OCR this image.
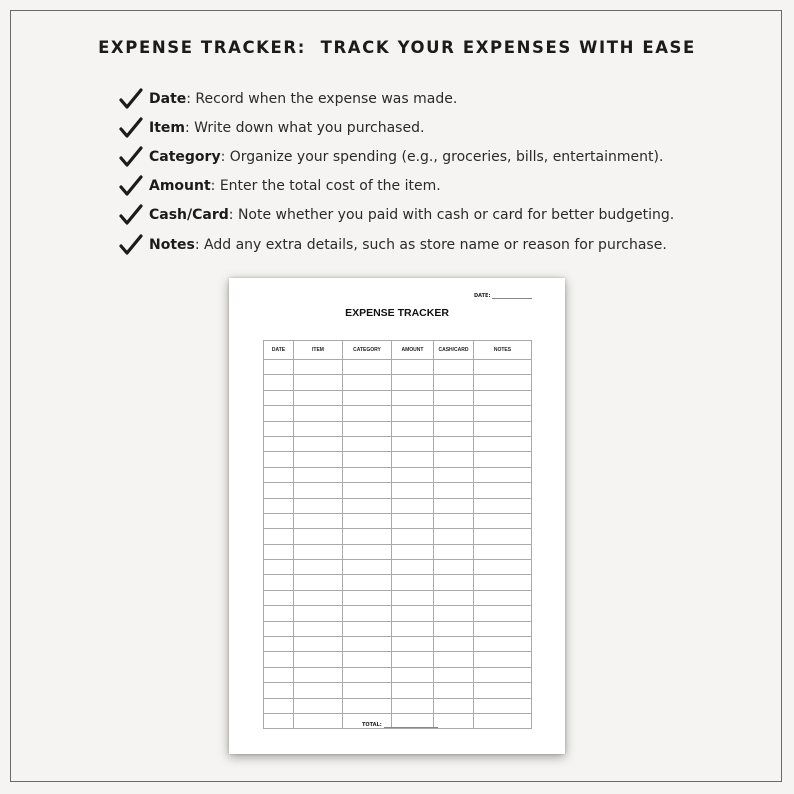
EXPENSE TRACKER:  TRACK YOUR EXPENSES WITH EASE
Date : Record when the expense was made.
Item : Write down what you purchased.
Category : Organize your spending (e.g., groceries, bills, entertainment).
Amount : Enter the total cost of the item.
Cash/Card : Note whether you paid with cash or card for better budgeting.
Notes : Add any extra details, such as store name or reason for purchase.
DATE:
EXPENSE TRACKER
DATE	ITEM	CATEGORY	AMOUNT	CASH/CARD	NOTES

TOTAL:
